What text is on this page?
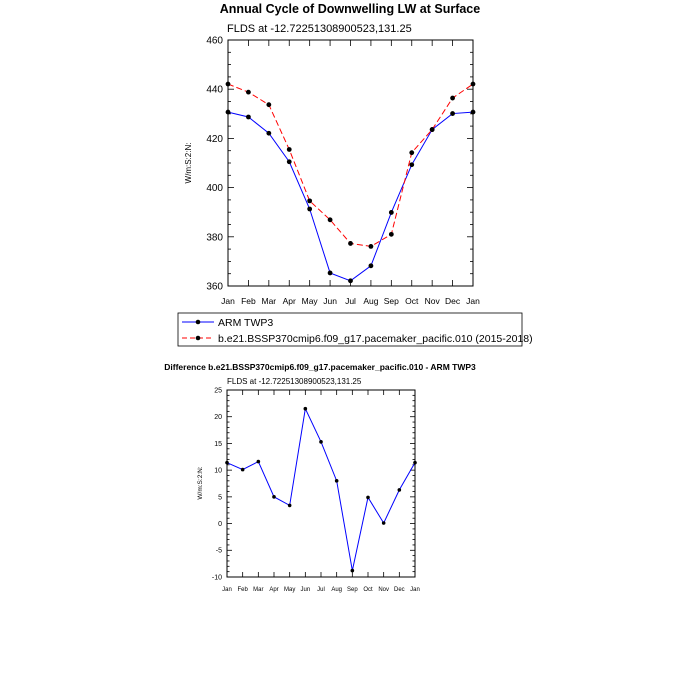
Annual Cycle of Downwelling LW at Surface
FLDS at -12.72251308900523,131.25
W/m:S:2:N:
360
380
400
420
440
460
Jan Feb Mar Apr May Jun Jul Aug Sep Oct Nov Dec Jan
ARM TWP3
b.e21.BSSP370cmip6.f09_g17.pacemaker_pacific.010 (2015-2018)
Difference b.e21.BSSP370cmip6.f09_g17.pacemaker_pacific.010 - ARM TWP3
FLDS at -12.72251308900523,131.25
W/m:S:2:N:
-10
-5
0
5
10
15
20
25
Jan Feb Mar Apr May Jun Jul Aug Sep Oct Nov Dec Jan
